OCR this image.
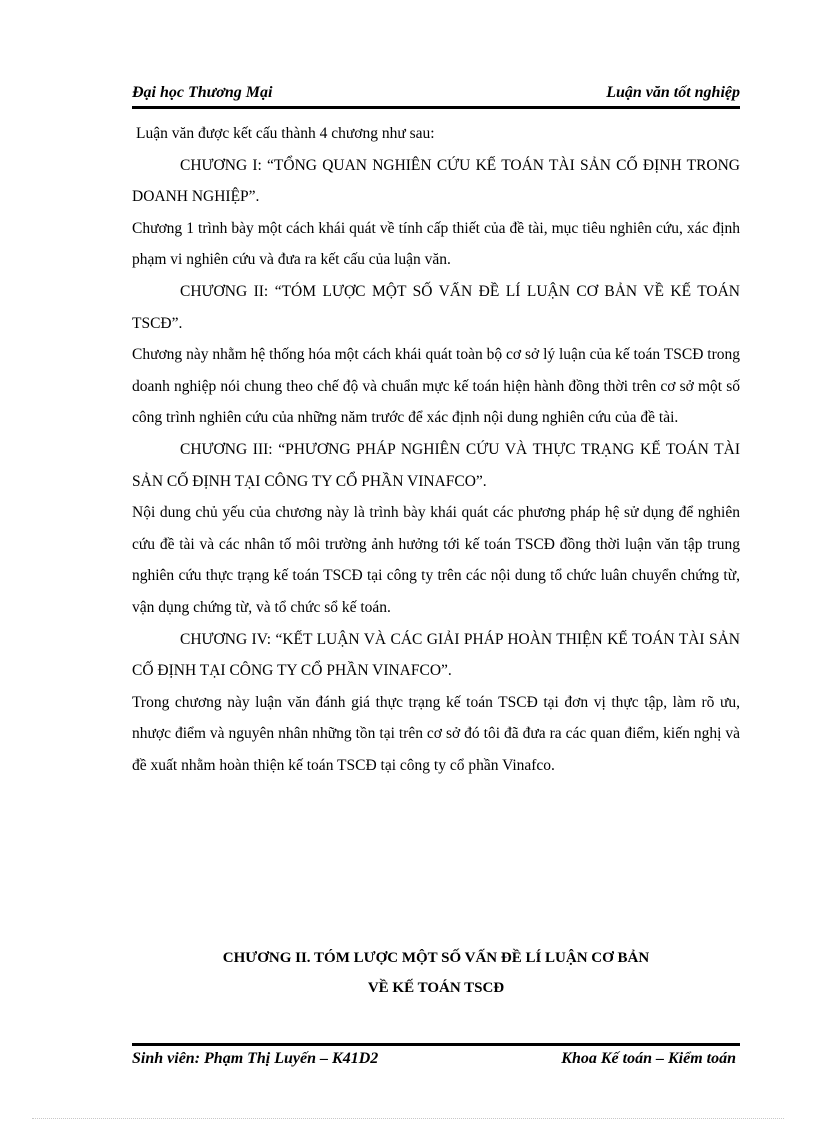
Đại học Thương Mại	Luận văn tốt nghiệp

Luận văn được kết cấu thành 4 chương như sau:

CHƯƠNG I: “TỔNG QUAN NGHIÊN CỨU KẾ TOÁN TÀI SẢN CỐ ĐỊNH TRONG DOANH NGHIỆP”.

Chương 1 trình bày một cách khái quát về tính cấp thiết của đề tài, mục tiêu nghiên cứu, xác định phạm vi nghiên cứu và đưa ra kết cấu của luận văn.

CHƯƠNG II: “TÓM LƯỢC MỘT SỐ VẤN ĐỀ LÍ LUẬN CƠ BẢN VỀ KẾ TOÁN TSCĐ”.

Chương này nhằm hệ thống hóa một cách khái quát toàn bộ cơ sở lý luận của kế toán TSCĐ trong doanh nghiệp nói chung theo chế độ và chuẩn mực kế toán hiện hành đồng thời trên cơ sở một số công trình nghiên cứu của những năm trước để xác định nội dung nghiên cứu của đề tài.

CHƯƠNG III: “PHƯƠNG PHÁP NGHIÊN CỨU VÀ THỰC TRẠNG KẾ TOÁN TÀI SẢN CỐ ĐỊNH TẠI CÔNG TY CỔ PHẦN VINAFCO”.

Nội dung chủ yếu của chương này là trình bày khái quát các phương pháp hệ sử dụng để nghiên cứu đề tài và các nhân tố môi trường ảnh hưởng tới kế toán TSCĐ đồng thời luận văn tập trung nghiên cứu thực trạng kế toán TSCĐ tại công ty trên các nội dung tổ chức luân chuyển chứng từ, vận dụng chứng từ, và tổ chức sổ kế toán.

CHƯƠNG IV: “KẾT LUẬN VÀ CÁC GIẢI PHÁP HOÀN THIỆN KẾ TOÁN TÀI SẢN CỐ ĐỊNH TẠI CÔNG TY CỔ PHẦN VINAFCO”.

Trong chương này luận văn đánh giá thực trạng kế toán TSCĐ tại đơn vị thực tập, làm rõ ưu, nhược điểm và nguyên nhân những tồn tại trên cơ sở đó tôi đã đưa ra các quan điểm, kiến nghị và đề xuất nhằm hoàn thiện kế toán TSCĐ tại công ty cổ phần Vinafco.

CHƯƠNG II. TÓM LƯỢC MỘT SỐ VẤN ĐỀ LÍ LUẬN CƠ BẢN
VỀ KẾ TOÁN TSCĐ
Sinh viên: Phạm Thị Luyến – K41D2	Khoa Kế toán – Kiểm toán
